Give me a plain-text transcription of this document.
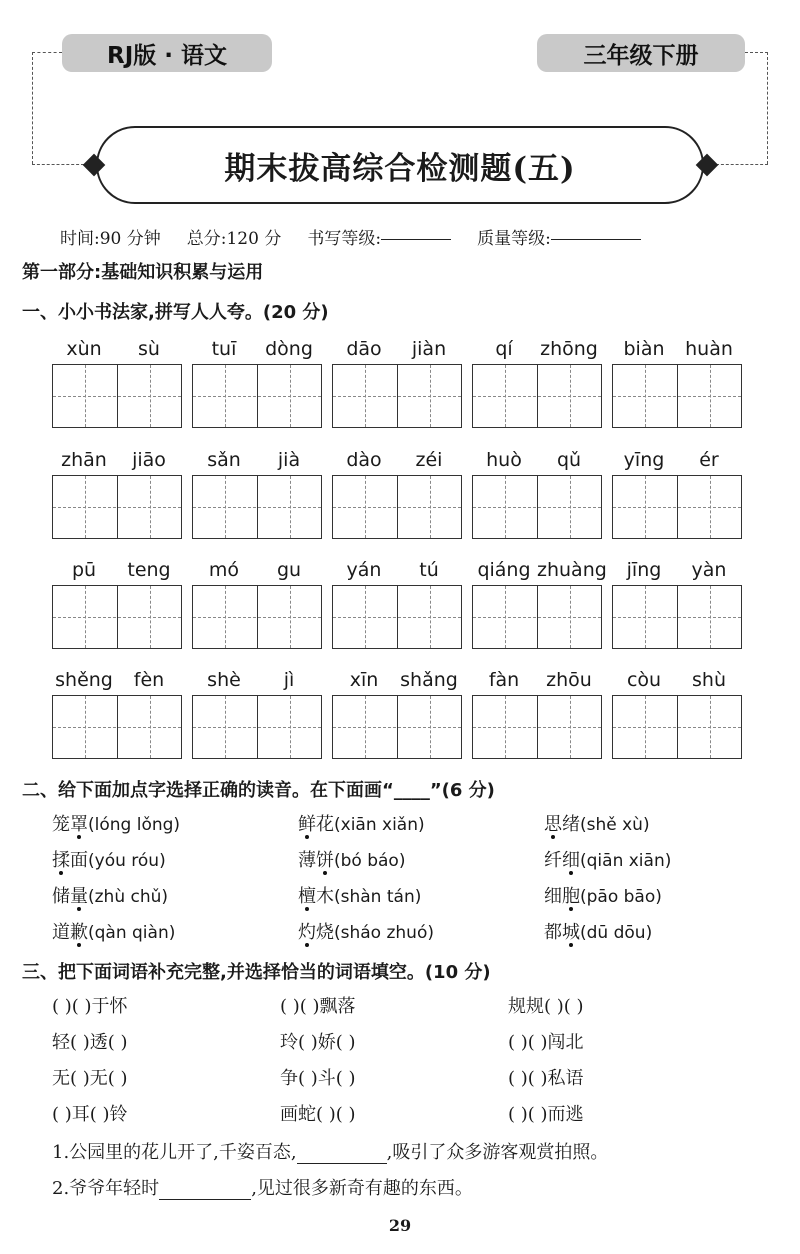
RJ版 · 语文	三年级下册
期末拔高综合检测题(五)
时间:90 分钟 总分:120 分 书写等级:	质量等级:
第一部分:基础知识积累与运用
一、小小书法家,拼写人人夸。(20 分)
xùn	sù	tuī	dòng	dāo	jiàn	qí	zhōng	biàn	huàn
zhān	jiāo	sǎn	jià	dào	zéi	huò	qǔ	yīng	ér
pū	teng	mó	gu	yán	tú	qiáng zhuàng	jīng	yàn
shěng	fèn	shè	jì	xīn	shǎng	fàn	zhōu	còu	shù
二、给下面加点字选择正确的读音。在下面画“____”(6 分)
笼罩(lóng lǒng)	鲜花(xiān xiǎn)	思绪(shě xù)
揉面(yóu róu)	薄饼(bó báo)	纤细(qiān xiān)
储量(zhù chǔ)	檀木(shàn tán)	细胞(pāo bāo)
道歉(qàn qiàn)	灼烧(sháo zhuó)	都城(dū dōu)
三、把下面词语补充完整,并选择恰当的词语填空。(10 分)
( )( )于怀	( )( )飘落	规规( )( )
轻( )透( )	玲( )娇( )	( )( )闯北
无( )无( )	争( )斗( )	( )( )私语
( )耳( )铃	画蛇( )( )	( )( )而逃
1.公园里的花儿开了,千姿百态,	,吸引了众多游客观赏拍照。
2.爷爷年轻时	,见过很多新奇有趣的东西。
29
